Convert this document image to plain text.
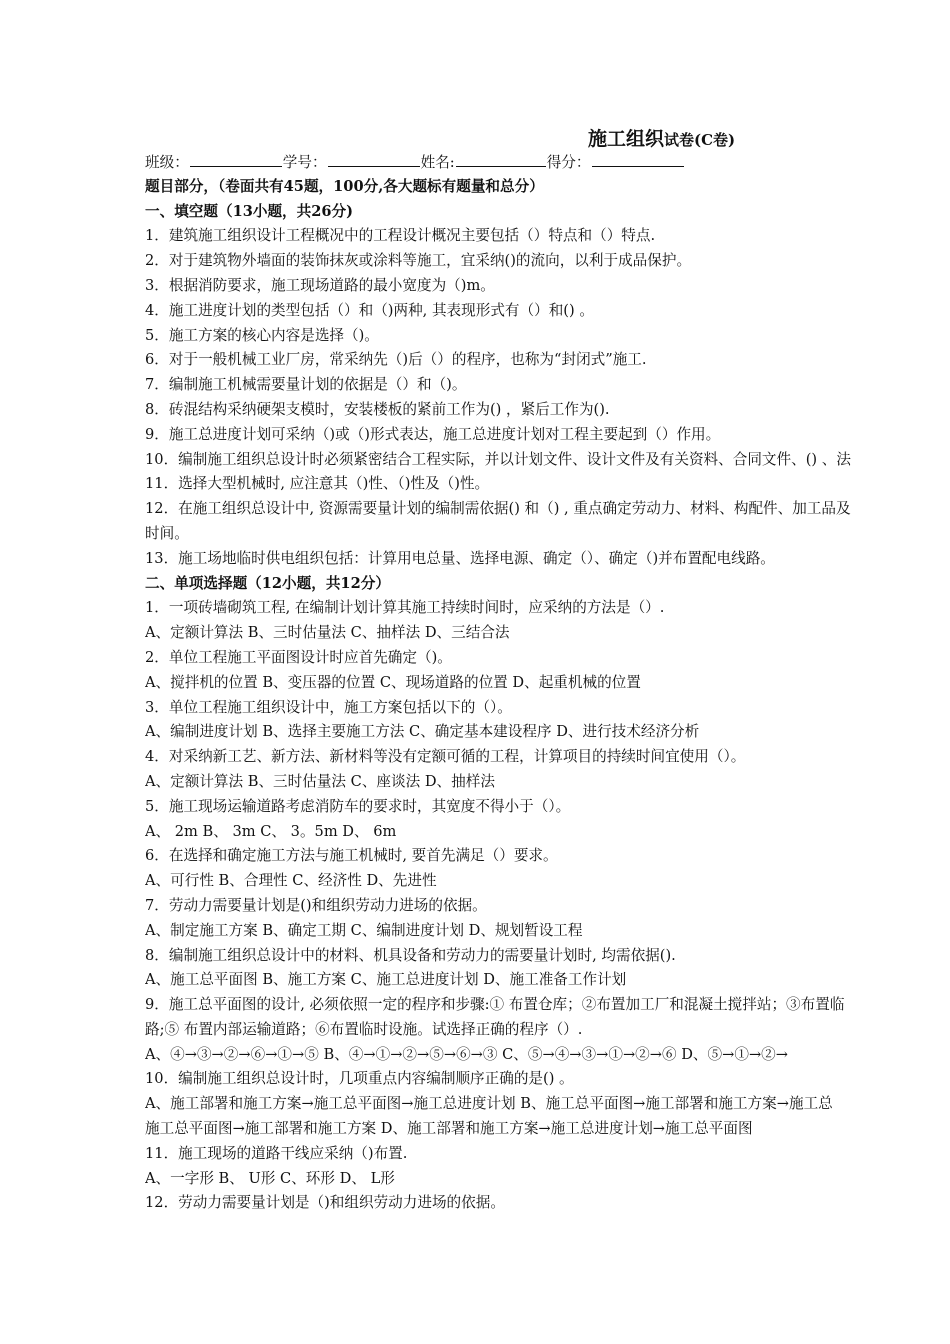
施工组织试卷(C卷)
班级：	学号：	姓名:	得分：
题目部分，（卷面共有45题，100分,各大题标有题量和总分）
一、填空题（13小题，共26分)
1．建筑施工组织设计工程概况中的工程设计概况主要包括（）特点和（）特点.
2．对于建筑物外墙面的装饰抹灰或涂料等施工，宜采纳()的流向，以利于成品保护。
3．根据消防要求，施工现场道路的最小宽度为（)m。
4．施工进度计划的类型包括（）和（)两种, 其表现形式有（）和() 。
5．施工方案的核心内容是选择（)。
6．对于一般机械工业厂房，常采纳先（)后（）的程序，也称为“封闭式”施工.
7．编制施工机械需要量计划的依据是（）和（)。
8．砖混结构采纳硬架支模时，安装楼板的紧前工作为() ，紧后工作为().
9．施工总进度计划可采纳（)或（)形式表达，施工总进度计划对工程主要起到（）作用。
10．编制施工组织总设计时必须紧密结合工程实际，并以计划文件、设计文件及有关资料、合同文件、() 、法
11．选择大型机械时, 应注意其（)性、（)性及（)性。
12．在施工组织总设计中, 资源需要量计划的编制需依据() 和（) , 重点确定劳动力、材料、构配件、加工品及
时间。
13．施工场地临时供电组织包括：计算用电总量、选择电源、确定（）、确定（)并布置配电线路。
二、单项选择题（12小题，共12分）
1．一项砖墙砌筑工程, 在编制计划计算其施工持续时间时，应采纳的方法是（）.
A、定额计算法 B、三时估量法 C、抽样法 D、三结合法
2．单位工程施工平面图设计时应首先确定（)。
A、搅拌机的位置 B、变压器的位置 C、现场道路的位置 D、起重机械的位置
3．单位工程施工组织设计中，施工方案包括以下的（）。
A、编制进度计划 B、选择主要施工方法 C、确定基本建设程序 D、进行技术经济分析
4．对采纳新工艺、新方法、新材料等没有定额可循的工程，计算项目的持续时间宜使用（）。
A、定额计算法 B、三时估量法 C、座谈法 D、抽样法
5．施工现场运输道路考虑消防车的要求时，其宽度不得小于（）。
A、 2m B、 3m C、 3。5m D、 6m
6．在选择和确定施工方法与施工机械时, 要首先满足（）要求。
A、可行性 B、合理性 C、经济性 D、先进性
7．劳动力需要量计划是()和组织劳动力进场的依据。
A、制定施工方案 B、确定工期 C、编制进度计划 D、规划暂设工程
8．编制施工组织总设计中的材料、机具设备和劳动力的需要量计划时, 均需依据().
A、施工总平面图 B、施工方案 C、施工总进度计划 D、施工准备工作计划
9．施工总平面图的设计, 必须依照一定的程序和步骤:① 布置仓库；②布置加工厂和混凝土搅拌站；③布置临
路;⑤ 布置内部运输道路；⑥布置临时设施。试选择正确的程序（）.
A、④→③→②→⑥→①→⑤ B、④→①→②→⑤→⑥→③ C、⑤→④→③→①→②→⑥ D、⑤→①→②→
10．编制施工组织总设计时，几项重点内容编制顺序正确的是() 。
A、施工部署和施工方案→施工总平面图→施工总进度计划 B、施工总平面图→施工部署和施工方案→施工总
施工总平面图→施工部署和施工方案 D、施工部署和施工方案→施工总进度计划→施工总平面图
11．施工现场的道路干线应采纳（)布置.
A、一字形 B、 U形 C、环形 D、 L形
12．劳动力需要量计划是（)和组织劳动力进场的依据。
